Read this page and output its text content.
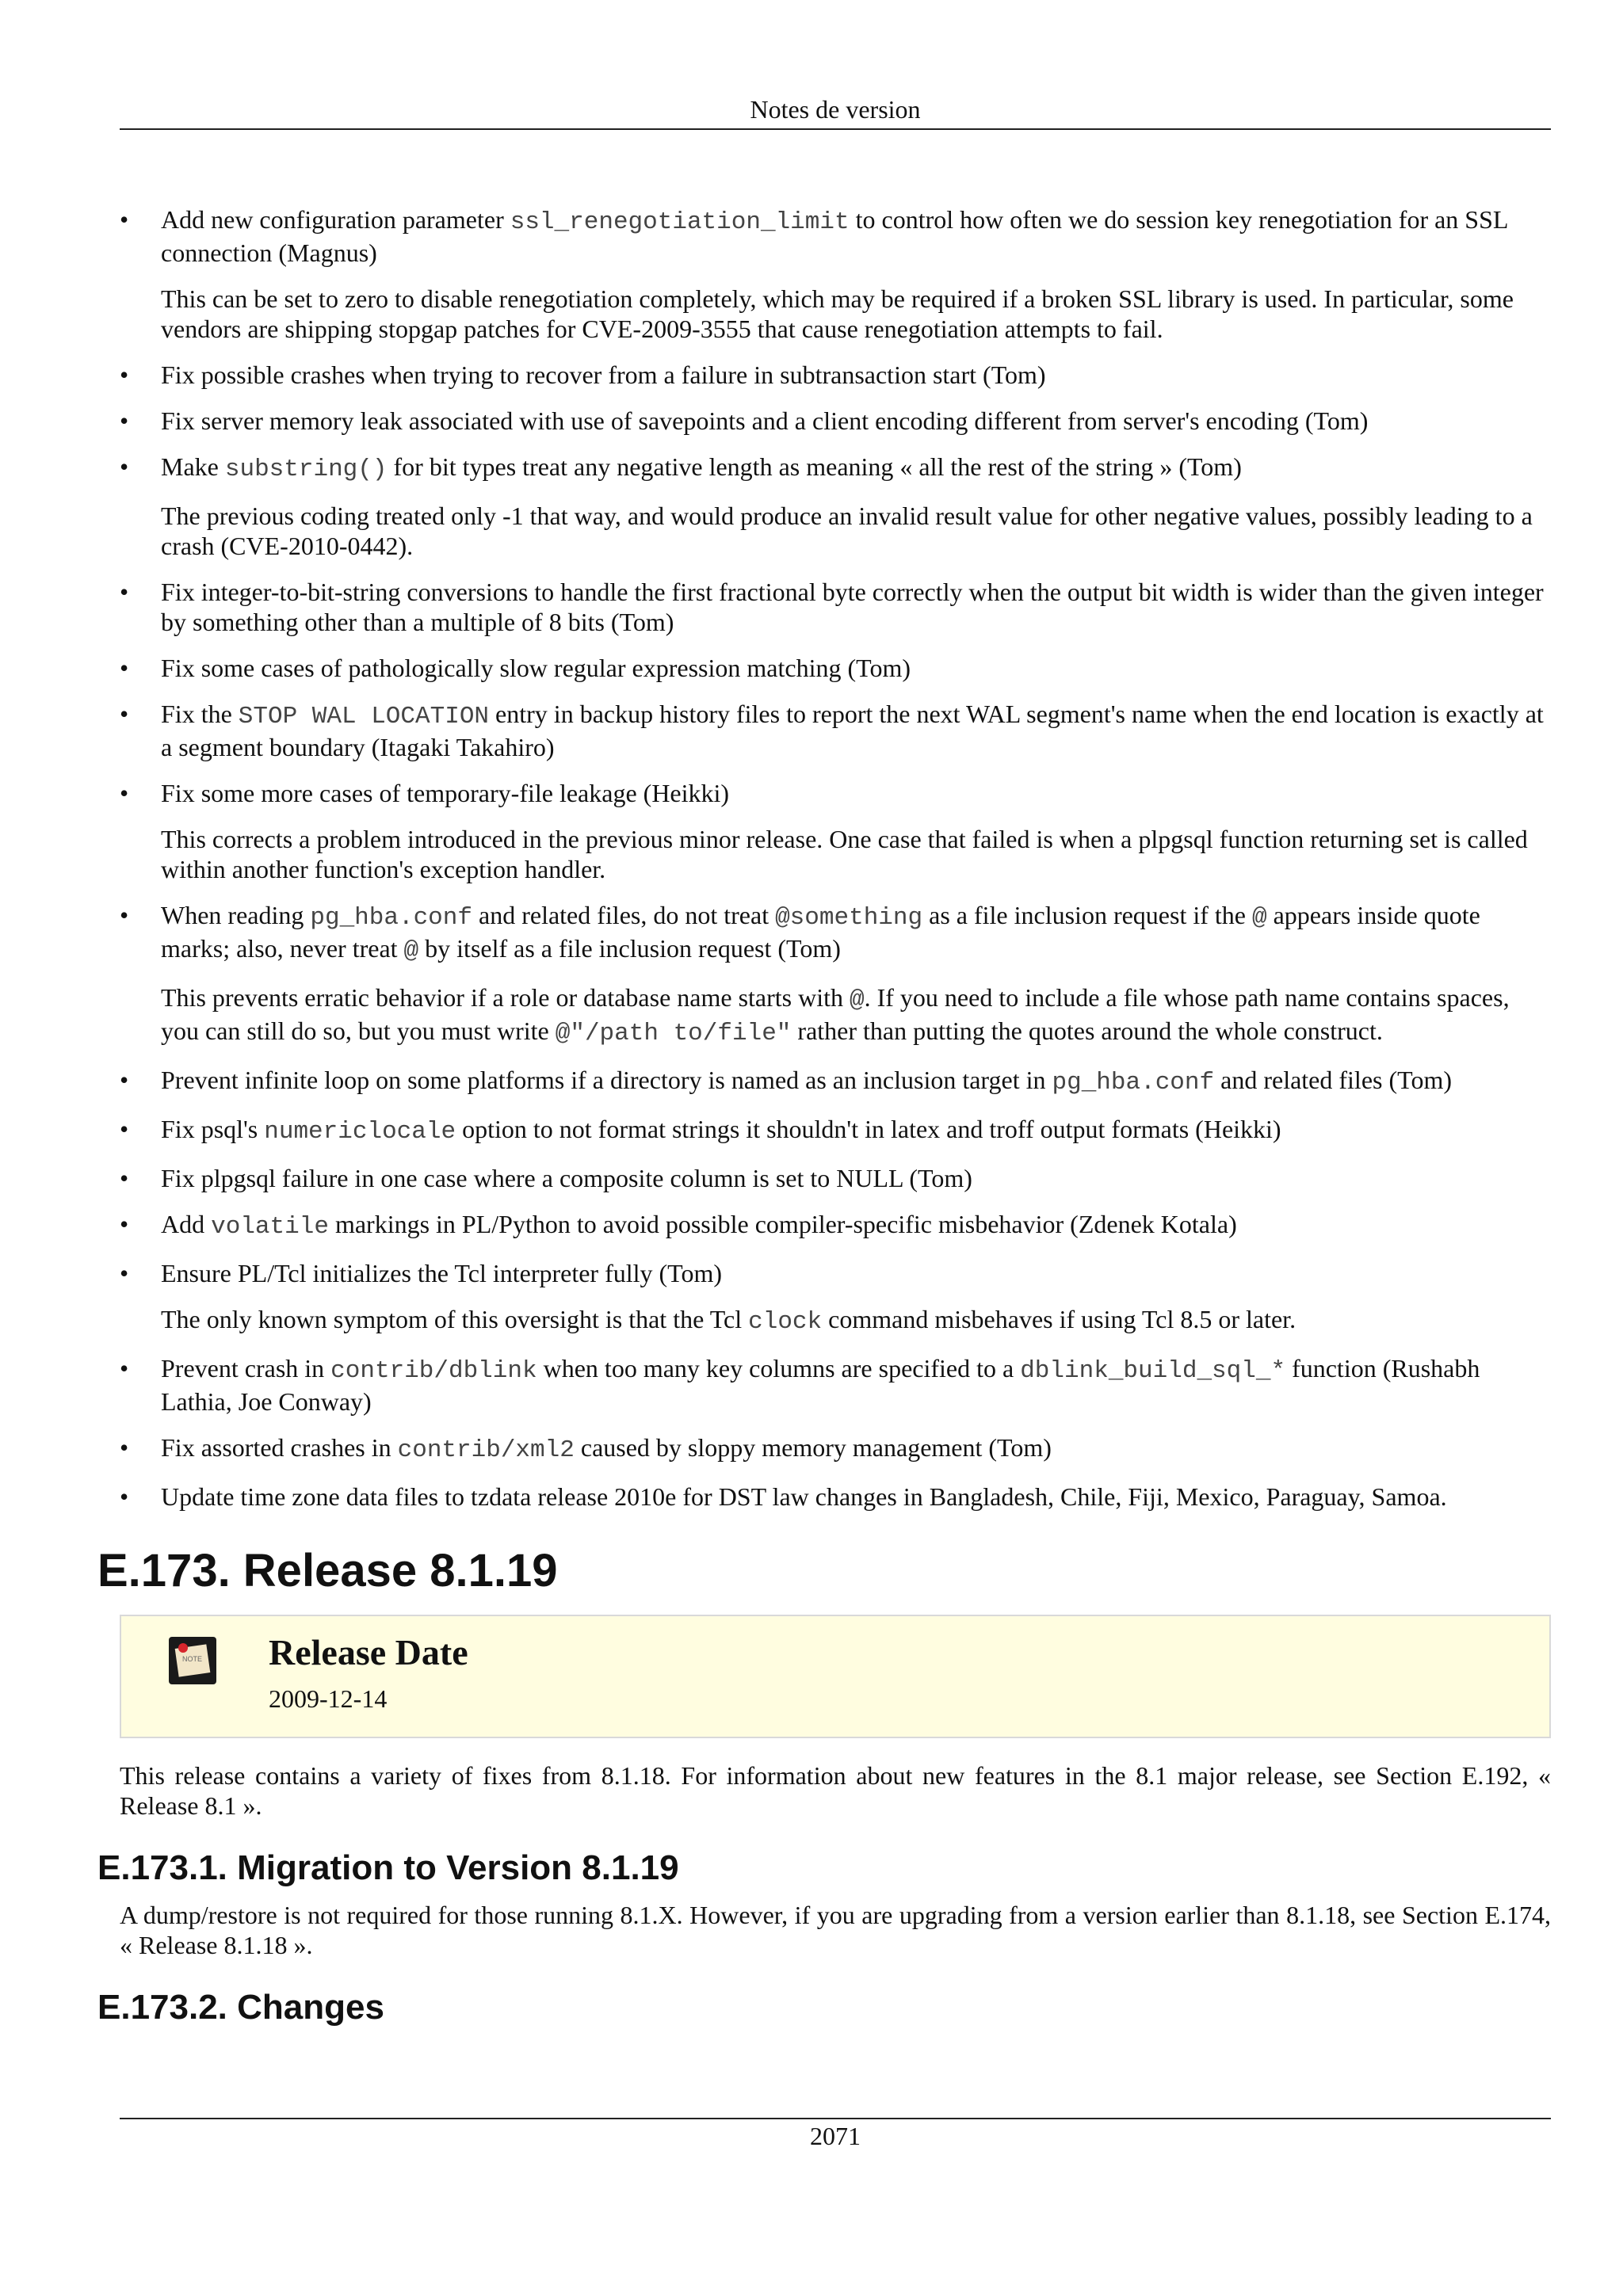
Notes de version
• Add new configuration parameter ssl_renegotiation_limit to control how often we do session key renegotiation for an SSL connection (Magnus)

This can be set to zero to disable renegotiation completely, which may be required if a broken SSL library is used. In particular, some vendors are shipping stopgap patches for CVE-2009-3555 that cause renegotiation attempts to fail.

• Fix possible crashes when trying to recover from a failure in subtransaction start (Tom)

• Fix server memory leak associated with use of savepoints and a client encoding different from server's encoding (Tom)

• Make substring() for bit types treat any negative length as meaning « all the rest of the string » (Tom)

The previous coding treated only -1 that way, and would produce an invalid result value for other negative values, possibly leading to a crash (CVE-2010-0442).

• Fix integer-to-bit-string conversions to handle the first fractional byte correctly when the output bit width is wider than the given integer by something other than a multiple of 8 bits (Tom)

• Fix some cases of pathologically slow regular expression matching (Tom)

• Fix the STOP WAL LOCATION entry in backup history files to report the next WAL segment's name when the end location is exactly at a segment boundary (Itagaki Takahiro)

• Fix some more cases of temporary-file leakage (Heikki)

This corrects a problem introduced in the previous minor release. One case that failed is when a plpgsql function returning set is called within another function's exception handler.

• When reading pg_hba.conf and related files, do not treat @something as a file inclusion request if the @ appears inside quote marks; also, never treat @ by itself as a file inclusion request (Tom)

This prevents erratic behavior if a role or database name starts with @. If you need to include a file whose path name contains spaces, you can still do so, but you must write @"/path to/file" rather than putting the quotes around the whole construct.

• Prevent infinite loop on some platforms if a directory is named as an inclusion target in pg_hba.conf and related files (Tom)

• Fix psql's numericlocale option to not format strings it shouldn't in latex and troff output formats (Heikki)

• Fix plpgsql failure in one case where a composite column is set to NULL (Tom)

• Add volatile markings in PL/Python to avoid possible compiler-specific misbehavior (Zdenek Kotala)

• Ensure PL/Tcl initializes the Tcl interpreter fully (Tom)

The only known symptom of this oversight is that the Tcl clock command misbehaves if using Tcl 8.5 or later.

• Prevent crash in contrib/dblink when too many key columns are specified to a dblink_build_sql_* function (Rushabh Lathia, Joe Conway)

• Fix assorted crashes in contrib/xml2 caused by sloppy memory management (Tom)

• Update time zone data files to tzdata release 2010e for DST law changes in Bangladesh, Chile, Fiji, Mexico, Paraguay, Samoa.

E.173. Release 8.1.19
NOTE Release Date
2009-12-14

This release contains a variety of fixes from 8.1.18. For information about new features in the 8.1 major release, see Section E.192, « Release 8.1 ».

E.173.1. Migration to Version 8.1.19

A dump/restore is not required for those running 8.1.X. However, if you are upgrading from a version earlier than 8.1.18, see Section E.174, « Release 8.1.18 ».

E.173.2. Changes
2071
